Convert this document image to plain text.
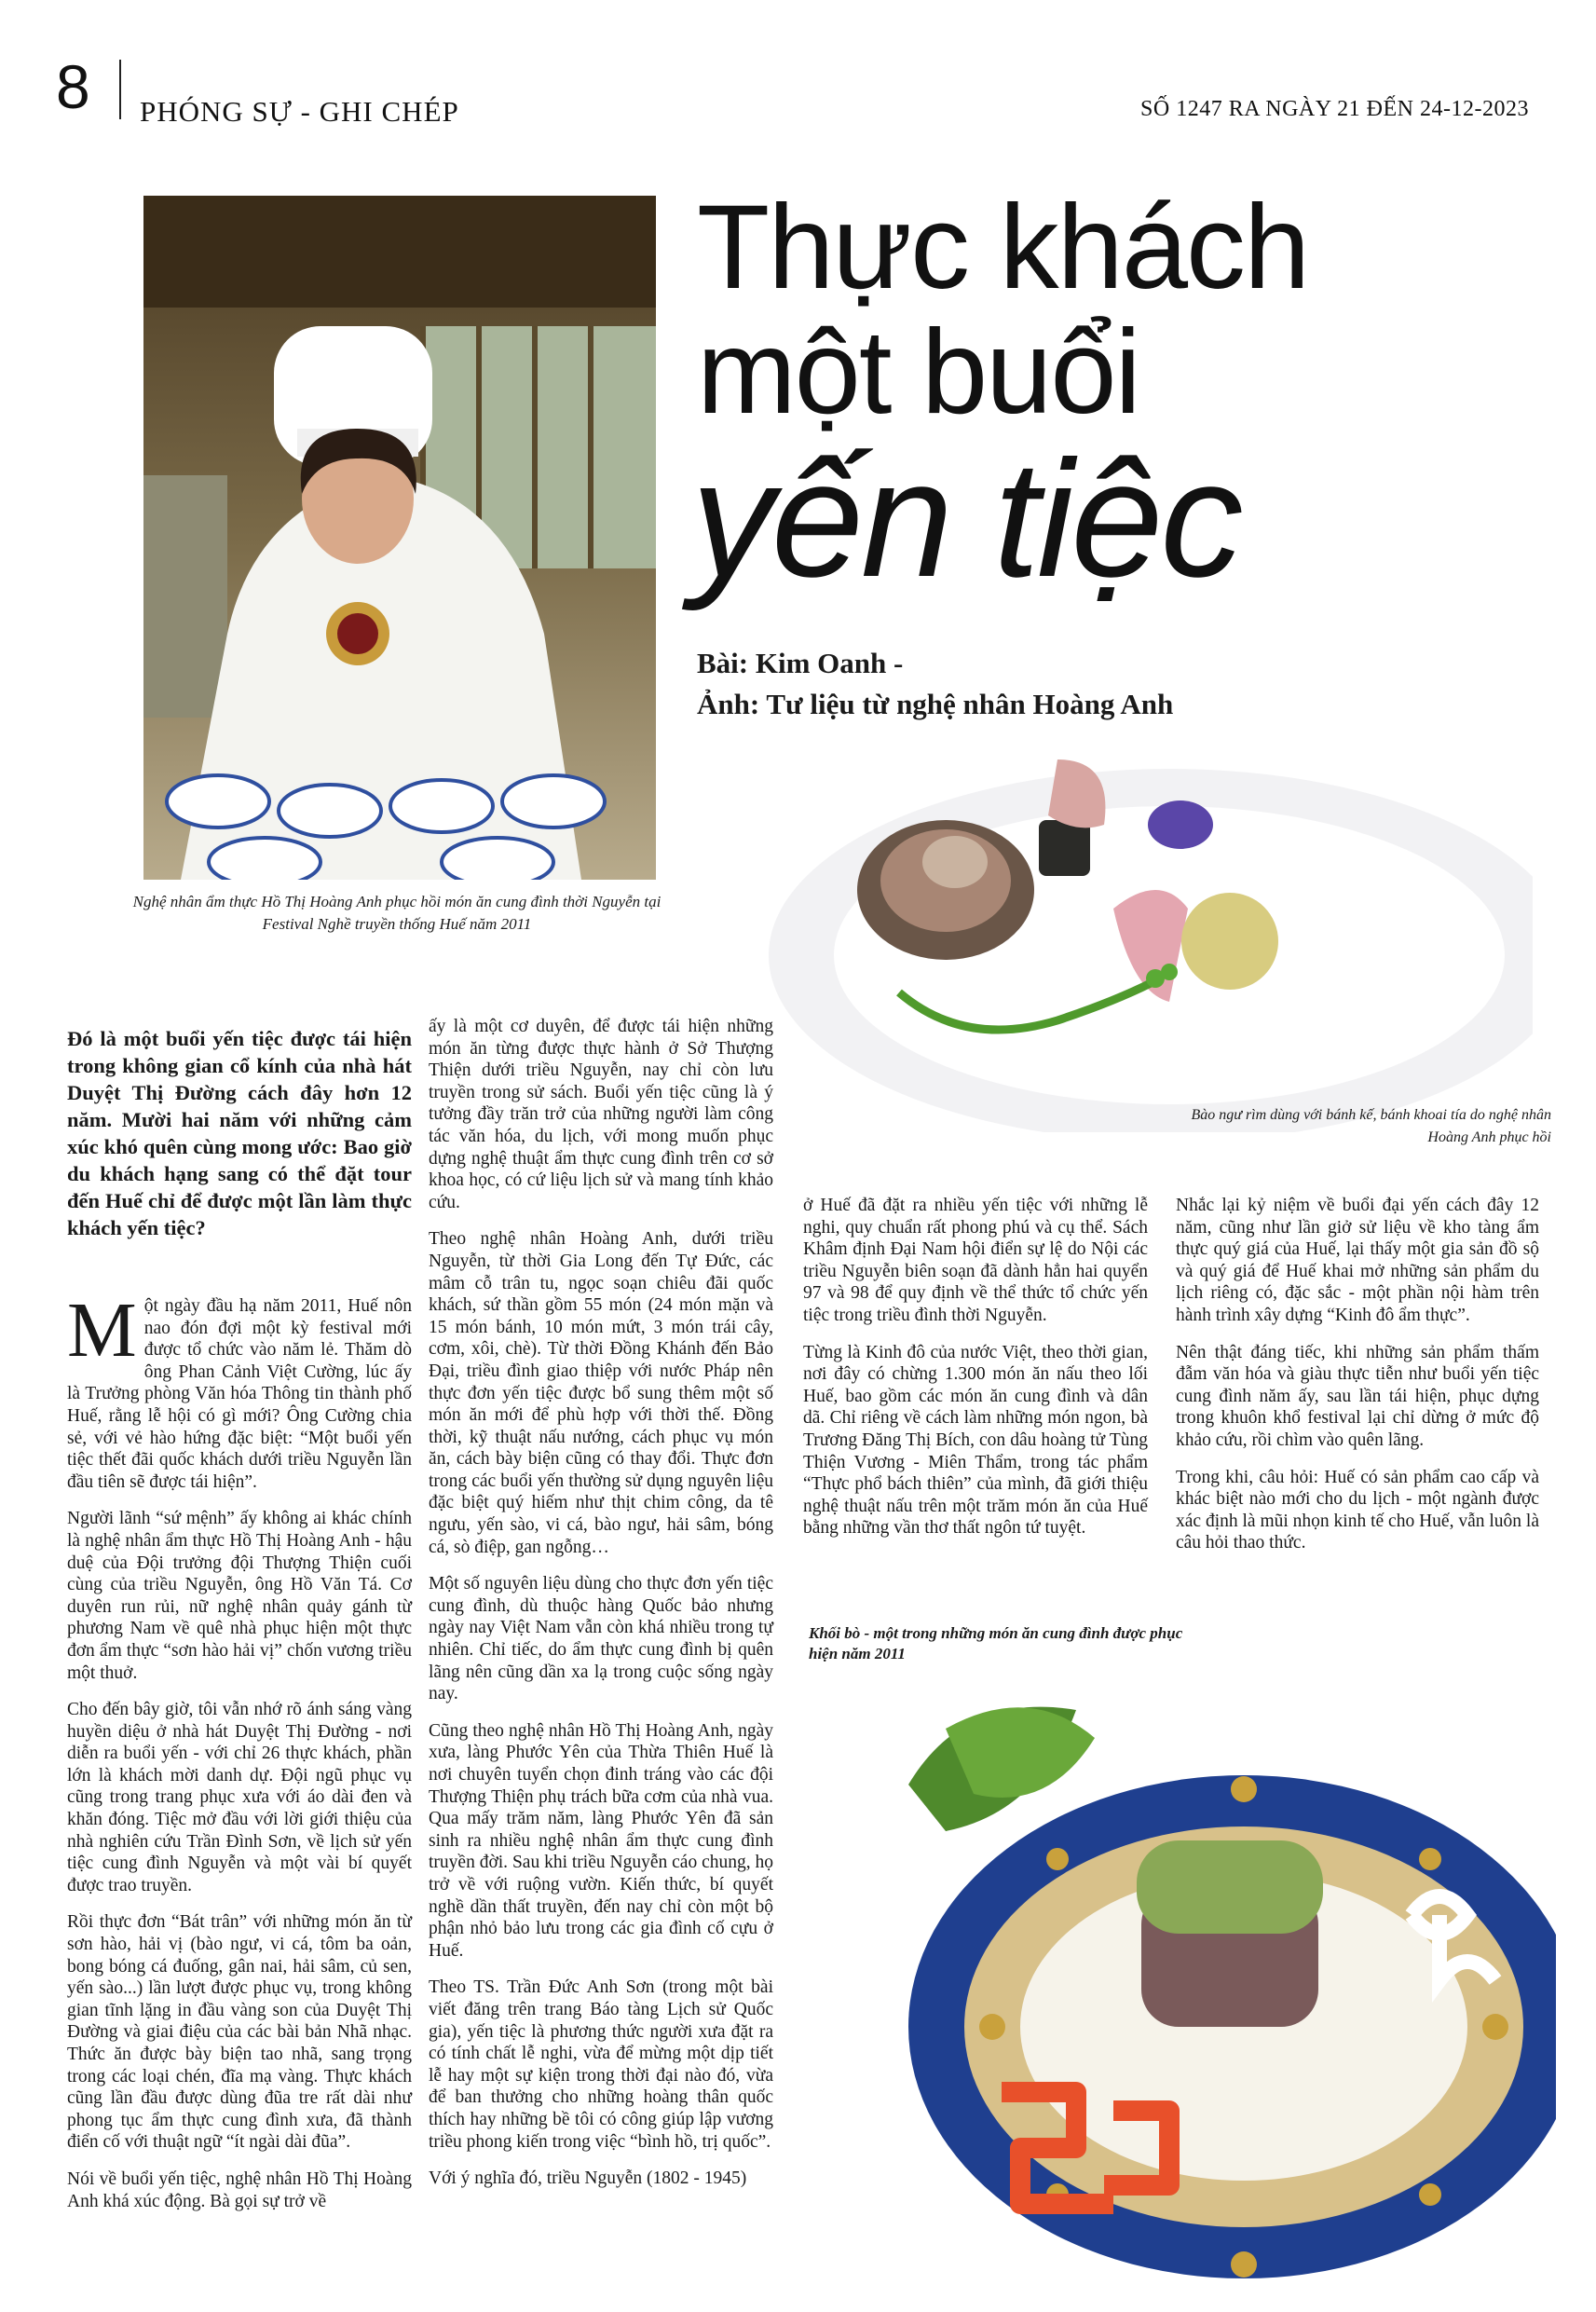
8 PHÓNG SỰ - GHI CHÉP	SỐ 1247 RA NGÀY 21 ĐẾN 24-12-2023
Nghệ nhân ẩm thực Hồ Thị Hoàng Anh phục hồi món ăn cung đình thời Nguyễn tại Festival Nghề truyền thống Huế năm 2011
Thực khách
một buổi
yến tiệc
Bài: Kim Oanh -
Ảnh: Tư liệu từ nghệ nhân Hoàng Anh
Bào ngư rìm dùng với bánh kế, bánh khoai tía do nghệ nhân Hoàng Anh phục hồi
Đó là một buổi yến tiệc được tái hiện trong không gian cổ kính của nhà hát Duyệt Thị Đường cách đây hơn 12 năm. Mười hai năm với những cảm xúc khó quên cùng mong ước: Bao giờ du khách hạng sang có thể đặt tour đến Huế chỉ để được một lần làm thực khách yến tiệc?

Một ngày đầu hạ năm 2011, Huế nôn nao đón đợi một kỳ festival mới được tổ chức vào năm lẻ. Thăm dò ông Phan Cảnh Việt Cường, lúc ấy là Trưởng phòng Văn hóa Thông tin thành phố Huế, rằng lễ hội có gì mới? Ông Cường chia sẻ, với vẻ hào hứng đặc biệt: “Một buổi yến tiệc thết đãi quốc khách dưới triều Nguyễn lần đầu tiên sẽ được tái hiện”.

Người lãnh “sứ mệnh” ấy không ai khác chính là nghệ nhân ẩm thực Hồ Thị Hoàng Anh - hậu duệ của Đội trưởng đội Thượng Thiện cuối cùng của triều Nguyễn, ông Hồ Văn Tá. Cơ duyên run rủi, nữ nghệ nhân quảy gánh từ phương Nam về quê nhà phục hiện một thực đơn ẩm thực “sơn hào hải vị” chốn vương triều một thuở.

Cho đến bây giờ, tôi vẫn nhớ rõ ánh sáng vàng huyền diệu ở nhà hát Duyệt Thị Đường - nơi diễn ra buổi yến - với chỉ 26 thực khách, phần lớn là khách mời danh dự. Đội ngũ phục vụ cũng trong trang phục xưa với áo dài đen và khăn đóng. Tiệc mở đầu với lời giới thiệu của nhà nghiên cứu Trần Đình Sơn, về lịch sử yến tiệc cung đình Nguyễn và một vài bí quyết được trao truyền.

Rồi thực đơn “Bát trân” với những món ăn từ sơn hào, hải vị (bào ngư, vi cá, tôm ba oản, bong bóng cá đuống, gân nai, hải sâm, củ sen, yến sào...) lần lượt được phục vụ, trong không gian tĩnh lặng in đầu vàng son của Duyệt Thị Đường và giai điệu của các bài bản Nhã nhạc. Thức ăn được bày biện tao nhã, sang trọng trong các loại chén, đĩa mạ vàng. Thực khách cũng lần đầu được dùng đũa tre rất dài như phong tục ẩm thực cung đình xưa, đã thành điển cố với thuật ngữ “ít ngài dài đũa”.

Nói về buổi yến tiệc, nghệ nhân Hồ Thị Hoàng Anh khá xúc động. Bà gọi sự trở về

ấy là một cơ duyên, để được tái hiện những món ăn từng được thực hành ở Sở Thượng Thiện dưới triều Nguyễn, nay chỉ còn lưu truyền trong sử sách. Buổi yến tiệc cũng là ý tưởng đầy trăn trở của những người làm công tác văn hóa, du lịch, với mong muốn phục dựng nghệ thuật ẩm thực cung đình trên cơ sở khoa học, có cứ liệu lịch sử và mang tính khảo cứu.

Theo nghệ nhân Hoàng Anh, dưới triều Nguyễn, từ thời Gia Long đến Tự Đức, các mâm cỗ trân tu, ngọc soạn chiêu đãi quốc khách, sứ thần gồm 55 món (24 món mặn và 15 món bánh, 10 món mứt, 3 món trái cây, cơm, xôi, chè). Từ thời Đồng Khánh đến Bảo Đại, triều đình giao thiệp với nước Pháp nên thực đơn yến tiệc được bổ sung thêm một số món ăn mới để phù hợp với thời thế. Đồng thời, kỹ thuật nấu nướng, cách phục vụ món ăn, cách bày biện cũng có thay đổi. Thực đơn trong các buổi yến thường sử dụng nguyên liệu đặc biệt quý hiếm như thịt chim công, da tê ngưu, yến sào, vi cá, bào ngư, hải sâm, bóng cá, sò điệp, gan ngỗng…

Một số nguyên liệu dùng cho thực đơn yến tiệc cung đình, dù thuộc hàng Quốc bảo nhưng ngày nay Việt Nam vẫn còn khá nhiều trong tự nhiên. Chỉ tiếc, do ẩm thực cung đình bị quên lãng nên cũng dần xa lạ trong cuộc sống ngày nay.

Cũng theo nghệ nhân Hồ Thị Hoàng Anh, ngày xưa, làng Phước Yên của Thừa Thiên Huế là nơi chuyên tuyển chọn đinh tráng vào các đội Thượng Thiện phụ trách bữa cơm của nhà vua. Qua mấy trăm năm, làng Phước Yên đã sản sinh ra nhiều nghệ nhân ẩm thực cung đình truyền đời. Sau khi triều Nguyễn cáo chung, họ trở về với ruộng vườn. Kiến thức, bí quyết nghề dần thất truyền, đến nay chỉ còn một bộ phận nhỏ bảo lưu trong các gia đình cố cựu ở Huế.

Theo TS. Trần Đức Anh Sơn (trong một bài viết đăng trên trang Báo tàng Lịch sử Quốc gia), yến tiệc là phương thức người xưa đặt ra có tính chất lễ nghi, vừa để mừng một dịp tiết lễ hay một sự kiện trong thời đại nào đó, vừa để ban thưởng cho những hoàng thân quốc thích hay những bề tôi có công giúp lập vương triều phong kiến trong việc “bình hồ, trị quốc”.

Với ý nghĩa đó, triều Nguyễn (1802 - 1945)

ở Huế đã đặt ra nhiều yến tiệc với những lễ nghi, quy chuẩn rất phong phú và cụ thể. Sách Khâm định Đại Nam hội điển sự lệ do Nội các triều Nguyễn biên soạn đã dành hẳn hai quyển 97 và 98 để quy định về thể thức tổ chức yến tiệc trong triều đình thời Nguyễn.

Từng là Kinh đô của nước Việt, theo thời gian, nơi đây có chừng 1.300 món ăn nấu theo lối Huế, bao gồm các món ăn cung đình và dân dã. Chỉ riêng về cách làm những món ngon, bà Trương Đăng Thị Bích, con dâu hoàng tử Tùng Thiện Vương - Miên Thẩm, trong tác phẩm “Thực phổ bách thiên” của mình, đã giới thiệu nghệ thuật nấu trên một trăm món ăn của Huế bằng những vần thơ thất ngôn tứ tuyệt.

Nhắc lại kỷ niệm về buổi đại yến cách đây 12 năm, cũng như lần giở sử liệu về kho tàng ẩm thực quý giá của Huế, lại thấy một gia sản đồ sộ và quý giá để Huế khai mở những sản phẩm du lịch riêng có, đặc sắc - một phần nội hàm trên hành trình xây dựng “Kinh đô ẩm thực”.

Nên thật đáng tiếc, khi những sản phẩm thấm đẫm văn hóa và giàu thực tiễn như buổi yến tiệc cung đình năm ấy, sau lần tái hiện, phục dựng trong khuôn khổ festival lại chỉ dừng ở mức độ khảo cứu, rồi chìm vào quên lãng.

Trong khi, câu hỏi: Huế có sản phẩm cao cấp và khác biệt nào mới cho du lịch - một ngành được xác định là mũi nhọn kinh tế cho Huế, vẫn luôn là câu hỏi thao thức.

Khối bò - một trong những món ăn cung đình được phục hiện năm 2011
